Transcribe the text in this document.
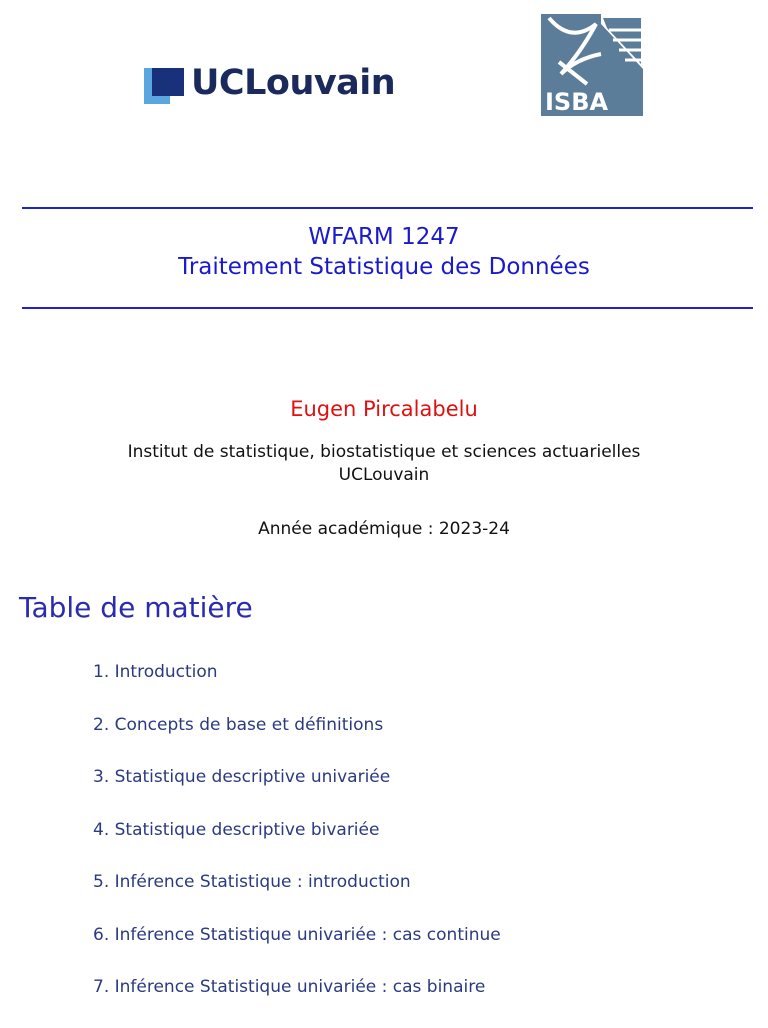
UCLouvain	ISBA
WFARM 1247
Traitement Statistique des Données
Eugen Pircalabelu
Institut de statistique, biostatistique et sciences actuarielles
UCLouvain
Année académique : 2023-24
Table de matière
1. Introduction
2. Concepts de base et définitions
3. Statistique descriptive univariée
4. Statistique descriptive bivariée
5. Inférence Statistique : introduction
6. Inférence Statistique univariée : cas continue
7. Inférence Statistique univariée : cas binaire
